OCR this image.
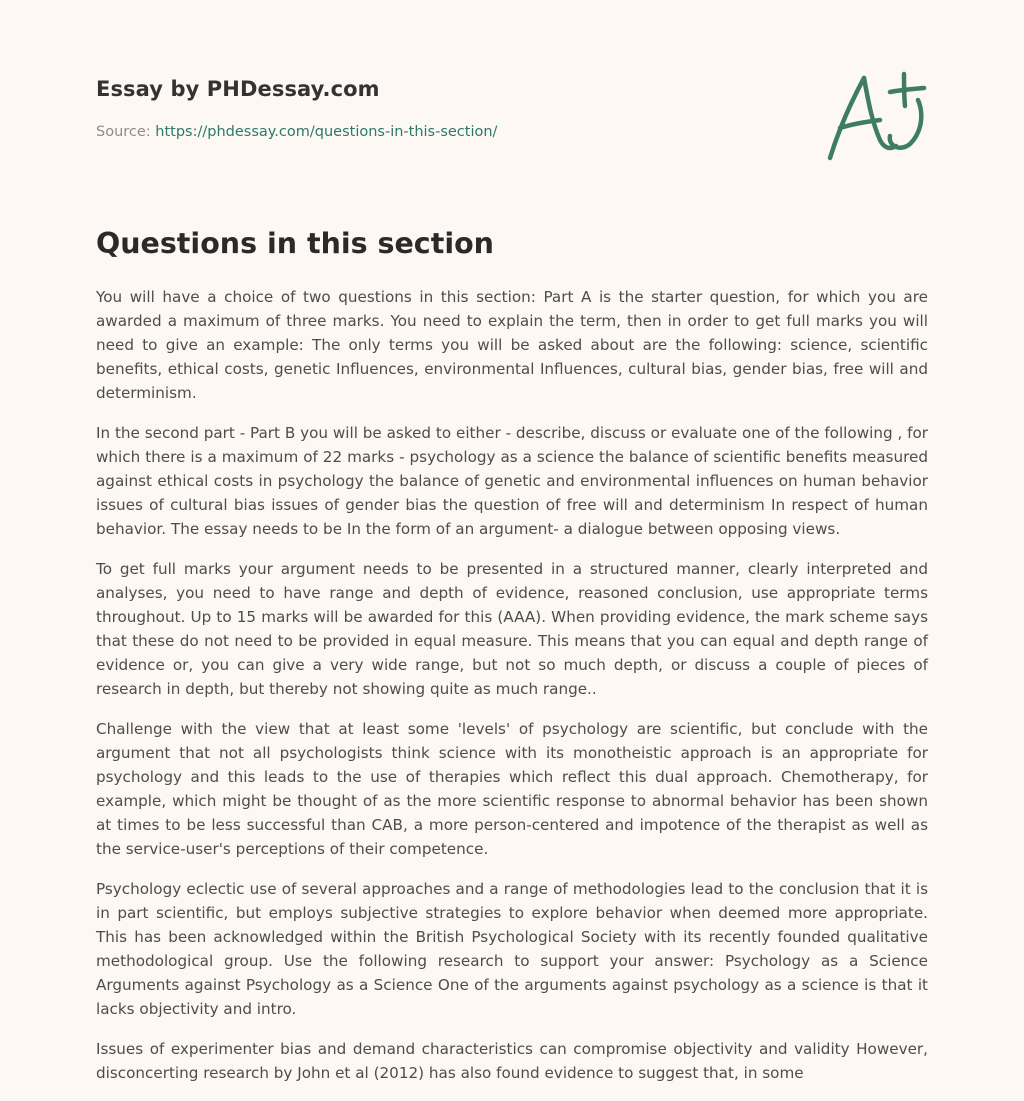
Essay by PHDessay.com
Source: https://phdessay.com/questions-in-this-section/
Questions in this section

You will have a choice of two questions in this section: Part A is the starter question, for which you are awarded a maximum of three marks. You need to explain the term, then in order to get full marks you will need to give an example: The only terms you will be asked about are the following: science, scientific benefits, ethical costs, genetic Influences, environmental Influences, cultural bias, gender bias, free will and determinism.

In the second part - Part B you will be asked to either - describe, discuss or evaluate one of the following , for which there is a maximum of 22 marks - psychology as a science the balance of scientific benefits measured against ethical costs in psychology the balance of genetic and environmental influences on human behavior issues of cultural bias issues of gender bias the question of free will and determinism In respect of human behavior. The essay needs to be In the form of an argument- a dialogue between opposing views.

To get full marks your argument needs to be presented in a structured manner, clearly interpreted and analyses, you need to have range and depth of evidence, reasoned conclusion, use appropriate terms throughout. Up to 15 marks will be awarded for this (AAA). When providing evidence, the mark scheme says that these do not need to be provided in equal measure. This means that you can equal and depth range of evidence or, you can give a very wide range, but not so much depth, or discuss a couple of pieces of research in depth, but thereby not showing quite as much range..

Challenge with the view that at least some 'levels' of psychology are scientific, but conclude with the argument that not all psychologists think science with its monotheistic approach is an appropriate for psychology and this leads to the use of therapies which reflect this dual approach. Chemotherapy, for example, which might be thought of as the more scientific response to abnormal behavior has been shown at times to be less successful than CAB, a more person-centered and impotence of the therapist as well as the service-user's perceptions of their competence.

Psychology eclectic use of several approaches and a range of methodologies lead to the conclusion that it is in part scientific, but employs subjective strategies to explore behavior when deemed more appropriate. This has been acknowledged within the British Psychological Society with its recently founded qualitative methodological group. Use the following research to support your answer: Psychology as a Science Arguments against Psychology as a Science One of the arguments against psychology as a science is that it lacks objectivity and intro.

Issues of experimenter bias and demand characteristics can compromise objectivity and validity However, disconcerting research by John et al (2012) has also found evidence to suggest that, in some
